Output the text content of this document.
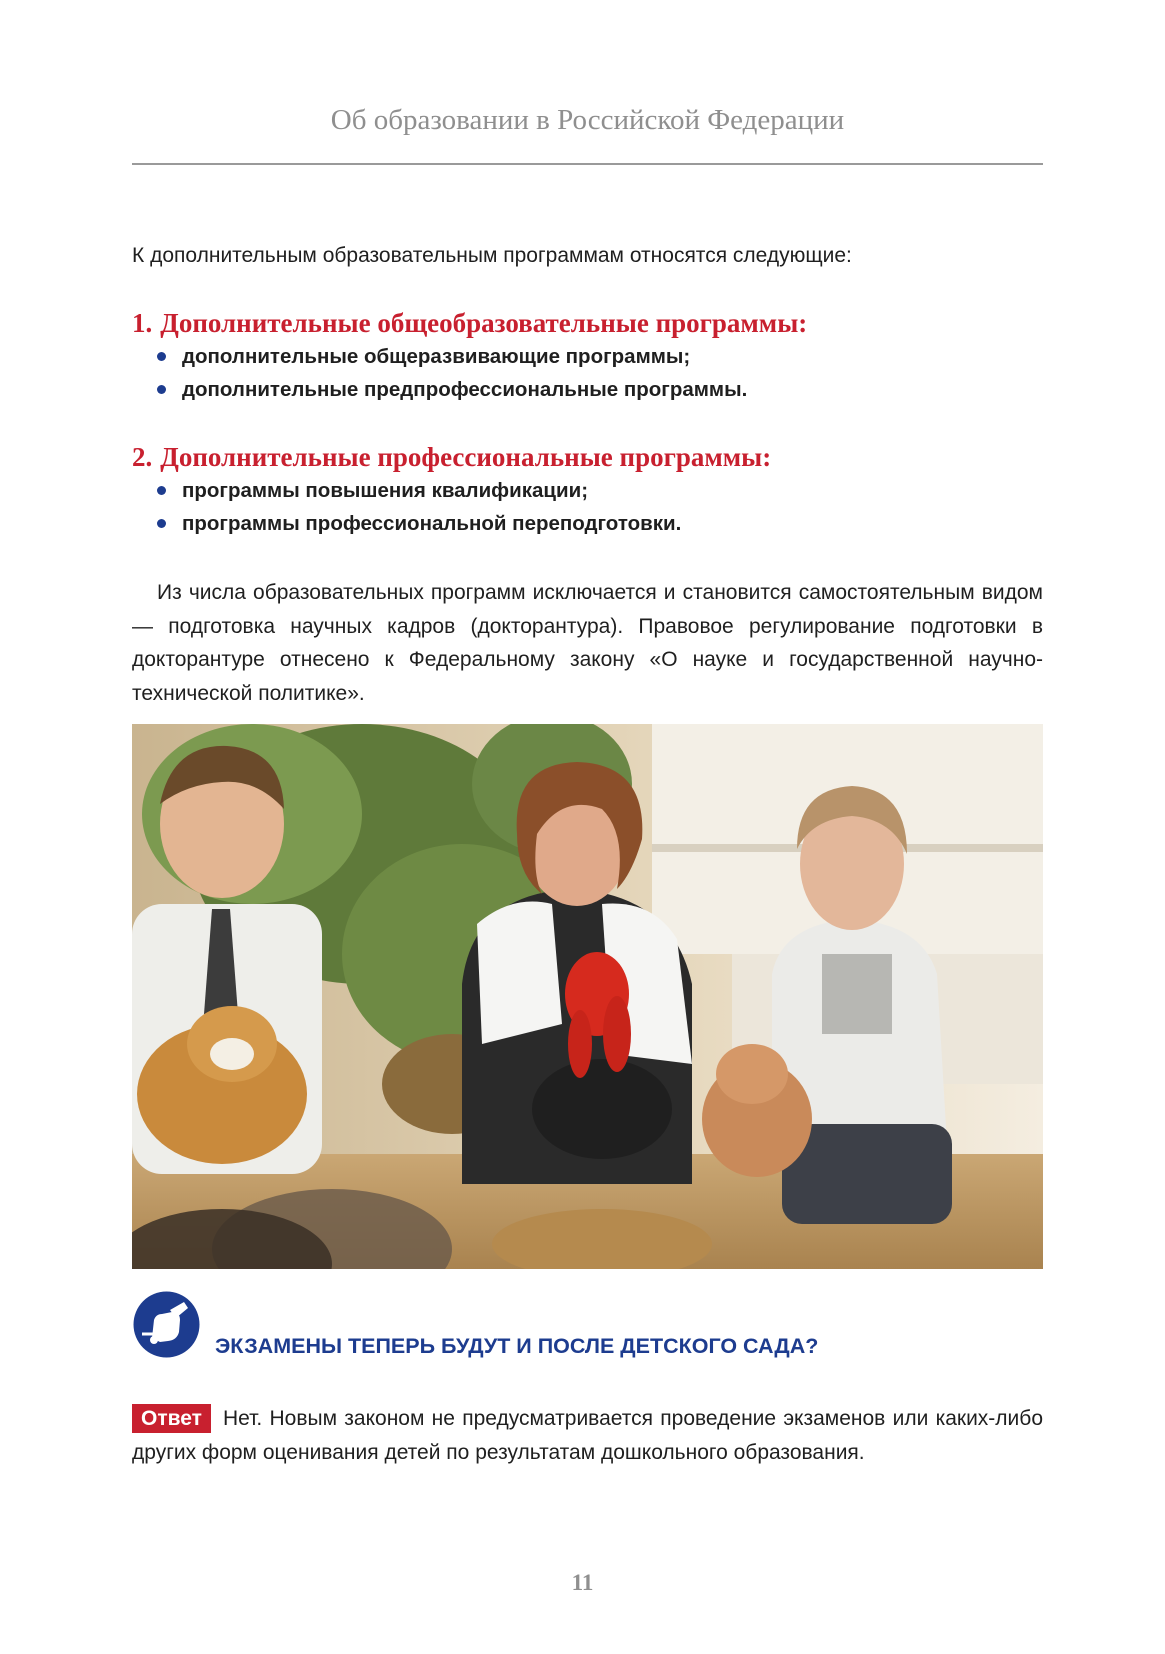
Об образовании в Российской Федерации

К дополнительным образовательным программам относятся следующие:

1. Дополнительные общеобразовательные программы:
дополнительные общеразвивающие программы;
дополнительные предпрофессиональные программы.
2. Дополнительные профессиональные программы:
программы повышения квалификации;
программы профессиональной переподготовки.

Из числа образовательных программ исключается и становится самостоятельным видом — подготовка научных кадров (докторантура). Правовое регулирование подготовки в докторантуре отнесено к Федеральному закону «О науке и государственной научно-технической политике».

ЭКЗАМЕНЫ ТЕПЕРЬ БУДУТ И ПОСЛЕ ДЕТСКОГО САДА?

Ответ Нет. Новым законом не предусматривается проведение экзаменов или каких-либо других форм оценивания детей по результатам дошкольного образования.

11
